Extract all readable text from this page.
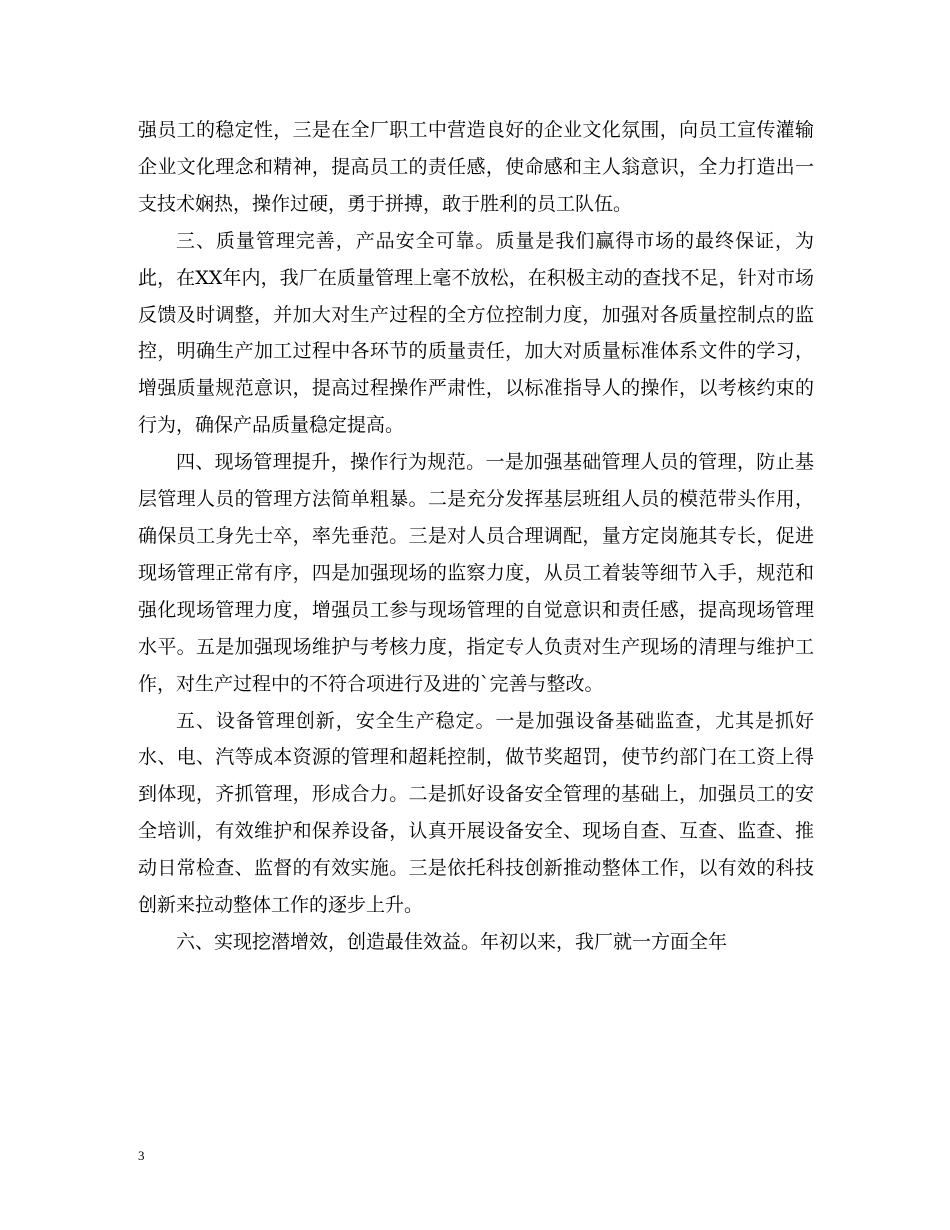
强员工的稳定性，三是在全厂职工中营造良好的企业文化氛围，向员工宣传灌输企业文化理念和精神，提高员工的责任感，使命感和主人翁意识，全力打造出一支技术娴热，操作过硬，勇于拼搏，敢于胜利的员工队伍。

三、质量管理完善，产品安全可靠。质量是我们赢得市场的最终保证，为此，在XX年内，我厂在质量管理上毫不放松，在积极主动的查找不足，针对市场反馈及时调整，并加大对生产过程的全方位控制力度，加强对各质量控制点的监控，明确生产加工过程中各环节的质量责任，加大对质量标准体系文件的学习，增强质量规范意识，提高过程操作严肃性，以标准指导人的操作，以考核约束的行为，确保产品质量稳定提高。

四、现场管理提升，操作行为规范。一是加强基础管理人员的管理，防止基层管理人员的管理方法简单粗暴。二是充分发挥基层班组人员的模范带头作用，确保员工身先士卒，率先垂范。三是对人员合理调配，量方定岗施其专长，促进现场管理正常有序，四是加强现场的监察力度，从员工着装等细节入手，规范和强化现场管理力度，增强员工参与现场管理的自觉意识和责任感，提高现场管理水平。五是加强现场维护与考核力度，指定专人负责对生产现场的清理与维护工作，对生产过程中的不符合项进行及进的`完善与整改。

五、设备管理创新，安全生产稳定。一是加强设备基础监查，尤其是抓好水、电、汽等成本资源的管理和超耗控制，做节奖超罚，使节约部门在工资上得到体现，齐抓管理，形成合力。二是抓好设备安全管理的基础上，加强员工的安全培训，有效维护和保养设备，认真开展设备安全、现场自查、互查、监查、推动日常检查、监督的有效实施。三是依托科技创新推动整体工作，以有效的科技创新来拉动整体工作的逐步上升。

六、实现挖潜增效，创造最佳效益。年初以来，我厂就一方面全年

3
